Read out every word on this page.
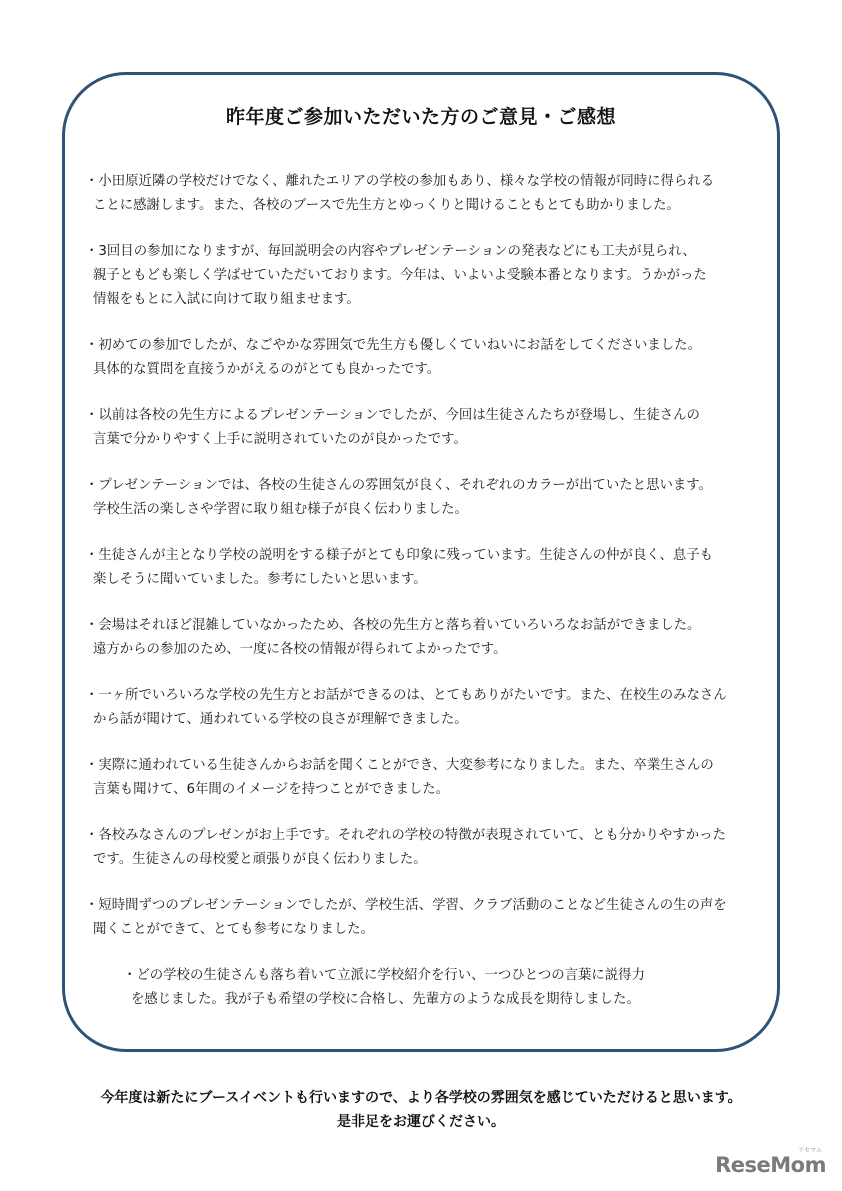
昨年度ご参加いただいた方のご意見・ご感想
・小田原近隣の学校だけでなく、離れたエリアの学校の参加もあり、様々な学校の情報が同時に得られる
ことに感謝します。また、各校のブースで先生方とゆっくりと聞けることもとても助かりました。
・3回目の参加になりますが、毎回説明会の内容やプレゼンテーションの発表などにも工夫が見られ、
親子ともども楽しく学ばせていただいております。今年は、いよいよ受験本番となります。うかがった
情報をもとに入試に向けて取り組ませます。
・初めての参加でしたが、なごやかな雰囲気で先生方も優しくていねいにお話をしてくださいました。
具体的な質問を直接うかがえるのがとても良かったです。
・以前は各校の先生方によるプレゼンテーションでしたが、今回は生徒さんたちが登場し、生徒さんの
言葉で分かりやすく上手に説明されていたのが良かったです。
・プレゼンテーションでは、各校の生徒さんの雰囲気が良く、それぞれのカラーが出ていたと思います。
学校生活の楽しさや学習に取り組む様子が良く伝わりました。
・生徒さんが主となり学校の説明をする様子がとても印象に残っています。生徒さんの仲が良く、息子も
楽しそうに聞いていました。参考にしたいと思います。
・会場はそれほど混雑していなかったため、各校の先生方と落ち着いていろいろなお話ができました。
遠方からの参加のため、一度に各校の情報が得られてよかったです。
・一ヶ所でいろいろな学校の先生方とお話ができるのは、とてもありがたいです。また、在校生のみなさん
から話が聞けて、通われている学校の良さが理解できました。
・実際に通われている生徒さんからお話を聞くことができ、大変参考になりました。また、卒業生さんの
言葉も聞けて、6年間のイメージを持つことができました。
・各校みなさんのプレゼンがお上手です。それぞれの学校の特徴が表現されていて、とも分かりやすかった
です。生徒さんの母校愛と頑張りが良く伝わりました。
・短時間ずつのプレゼンテーションでしたが、学校生活、学習、クラブ活動のことなど生徒さんの生の声を
聞くことができて、とても参考になりました。
・どの学校の生徒さんも落ち着いて立派に学校紹介を行い、一つひとつの言葉に説得力
を感じました。我が子も希望の学校に合格し、先輩方のような成長を期待しました。
今年度は新たにブースイベントも行いますので、より各学校の雰囲気を感じていただけると思います。
是非足をお運びください。
リセマム
ReseMom
